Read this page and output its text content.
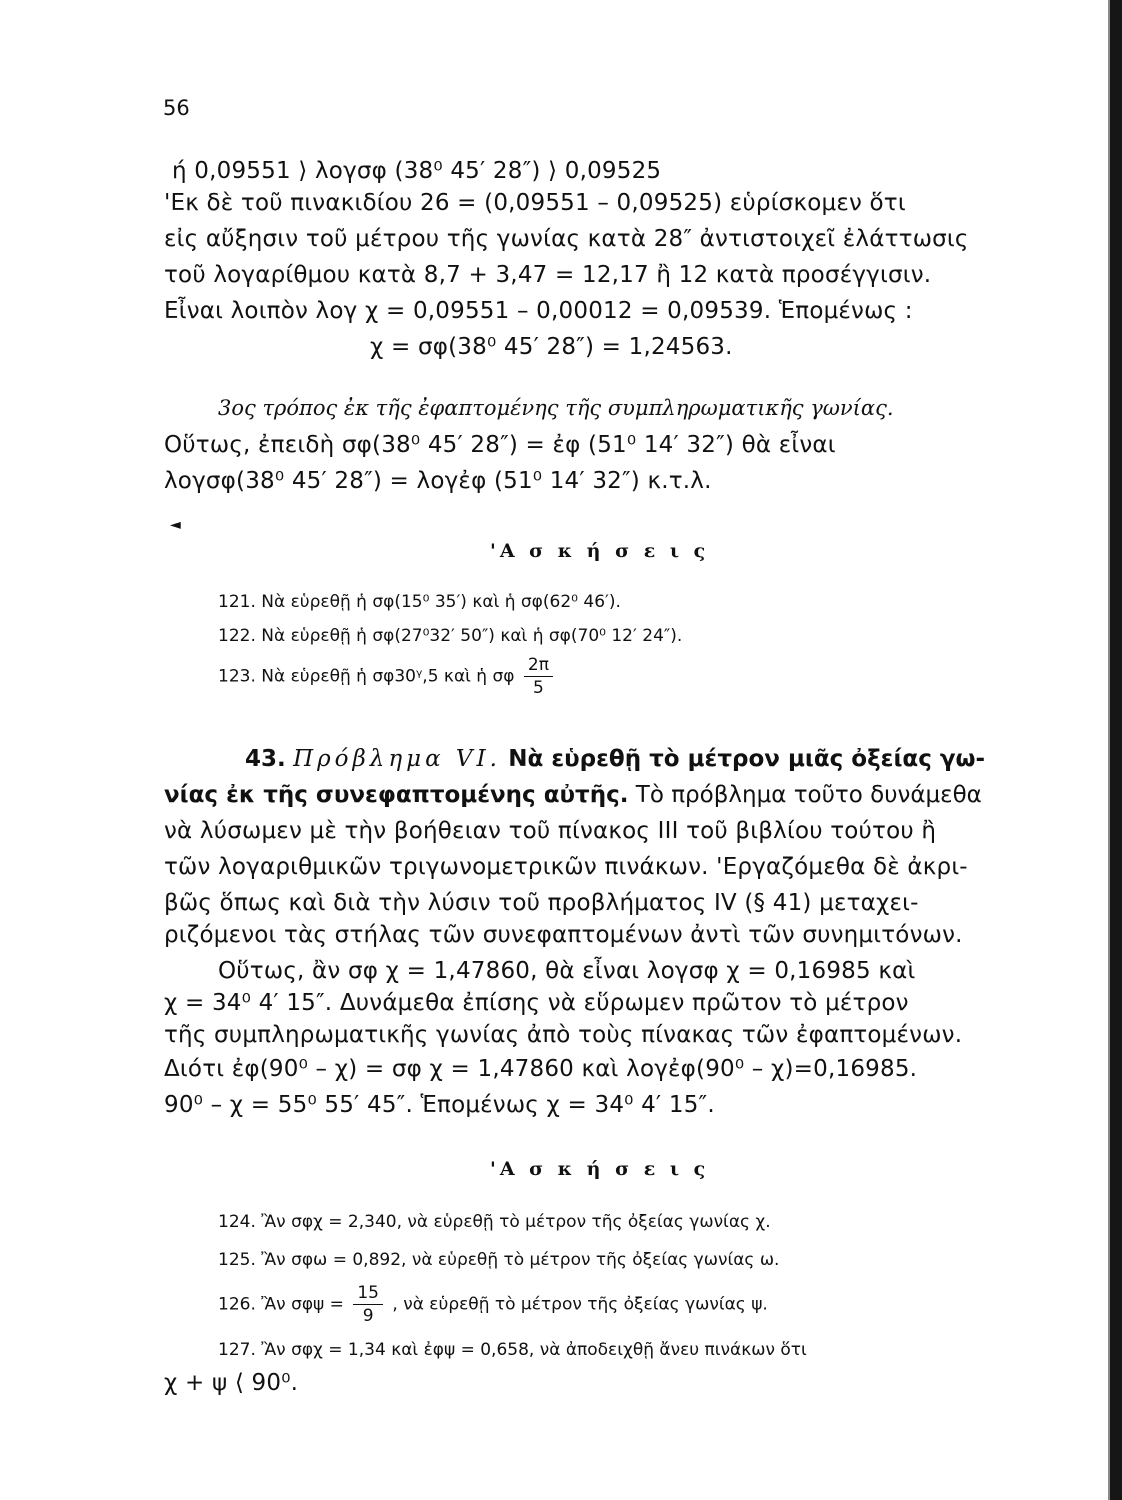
56
ή 0,09551 ⟩ λογσφ (38⁰ 45′ 28″) ⟩ 0,09525
'Εκ δὲ τοῦ πινακιδίου 26 = (0,09551 – 0,09525) εὑρίσκομεν ὅτι
εἰς αὔξησιν τοῦ μέτρου τῆς γωνίας κατὰ 28″ ἀντιστοιχεῖ ἐλάττωσις
τοῦ λογαρίθμου κατὰ 8,7 + 3,47 = 12,17 ἢ 12 κατὰ προσέγγισιν.
Εἶναι λοιπὸν λογ χ = 0,09551 – 0,00012 = 0,09539. Ἑπομένως :
χ = σφ(38⁰ 45′ 28″) = 1,24563.
3ος τρόπος ἐκ τῆς ἐφαπτομένης τῆς συμπληρωματικῆς γωνίας.
Οὕτως, ἐπειδὴ σφ(38⁰ 45′ 28″) = ἐφ (51⁰ 14′ 32″) θὰ εἶναι
λογσφ(38⁰ 45′ 28″) = λογἐφ (51⁰ 14′ 32″) κ.τ.λ.
◄
'Α σ κ ή σ ε ι ς
121. Νὰ εὑρεθῇ ἡ σφ(15⁰ 35′) καὶ ἡ σφ(62⁰ 46′).
122. Νὰ εὑρεθῇ ἡ σφ(27⁰32′ 50″) καὶ ἡ σφ(70⁰ 12′ 24″).
123. Νὰ εὑρεθῇ ἡ σφ30ᵞ,5 καὶ ἡ σφ $\frac{2\pi}{5}$
43. Πρόβλημα VI. Νὰ εὑρεθῇ τὸ μέτρον μιᾶς ὀξείας γω-
νίας ἐκ τῆς συνεφαπτομένης αὐτῆς. Τὸ πρόβλημα τοῦτο δυνάμεθα
νὰ λύσωμεν μὲ τὴν βοήθειαν τοῦ πίνακος ΙΙΙ τοῦ βιβλίου τούτου ἢ
τῶν λογαριθμικῶν τριγωνομετρικῶν πινάκων. 'Εργαζόμεθα δὲ ἀκρι-
βῶς ὅπως καὶ διὰ τὴν λύσιν τοῦ προβλήματος IV (§ 41) μεταχει-
ριζόμενοι τὰς στήλας τῶν συνεφαπτομένων ἀντὶ τῶν συνημιτόνων.
Οὕτως, ἂν σφ χ = 1,47860, θὰ εἶναι λογσφ χ = 0,16985 καὶ
χ = 34⁰ 4′ 15″. Δυνάμεθα ἐπίσης νὰ εὕρωμεν πρῶτον τὸ μέτρον
τῆς συμπληρωματικῆς γωνίας ἀπὸ τοὺς πίνακας τῶν ἐφαπτομένων.
Διότι ἐφ(90⁰ – χ) = σφ χ = 1,47860 καὶ λογἐφ(90⁰ – χ)=0,16985.
90⁰ – χ = 55⁰ 55′ 45″. Ἑπομένως χ = 34⁰ 4′ 15″.
'Α σ κ ή σ ε ι ς
124. Ἂν σφχ = 2,340, νὰ εὑρεθῇ τὸ μέτρον τῆς ὀξείας γωνίας χ.
125. Ἂν σφω = 0,892, νὰ εὑρεθῇ τὸ μέτρον τῆς ὀξείας γωνίας ω.
126. Ἂν $\sigma\varphi\psi = \frac{15}{9}$ , νὰ εὑρεθῇ τὸ μέτρον τῆς ὀξείας γωνίας ψ.
127. Ἂν σφχ = 1,34 καὶ ἐφψ = 0,658, νὰ ἀποδειχθῇ ἄνευ πινάκων ὅτι
χ + ψ ⟨ 90⁰.
